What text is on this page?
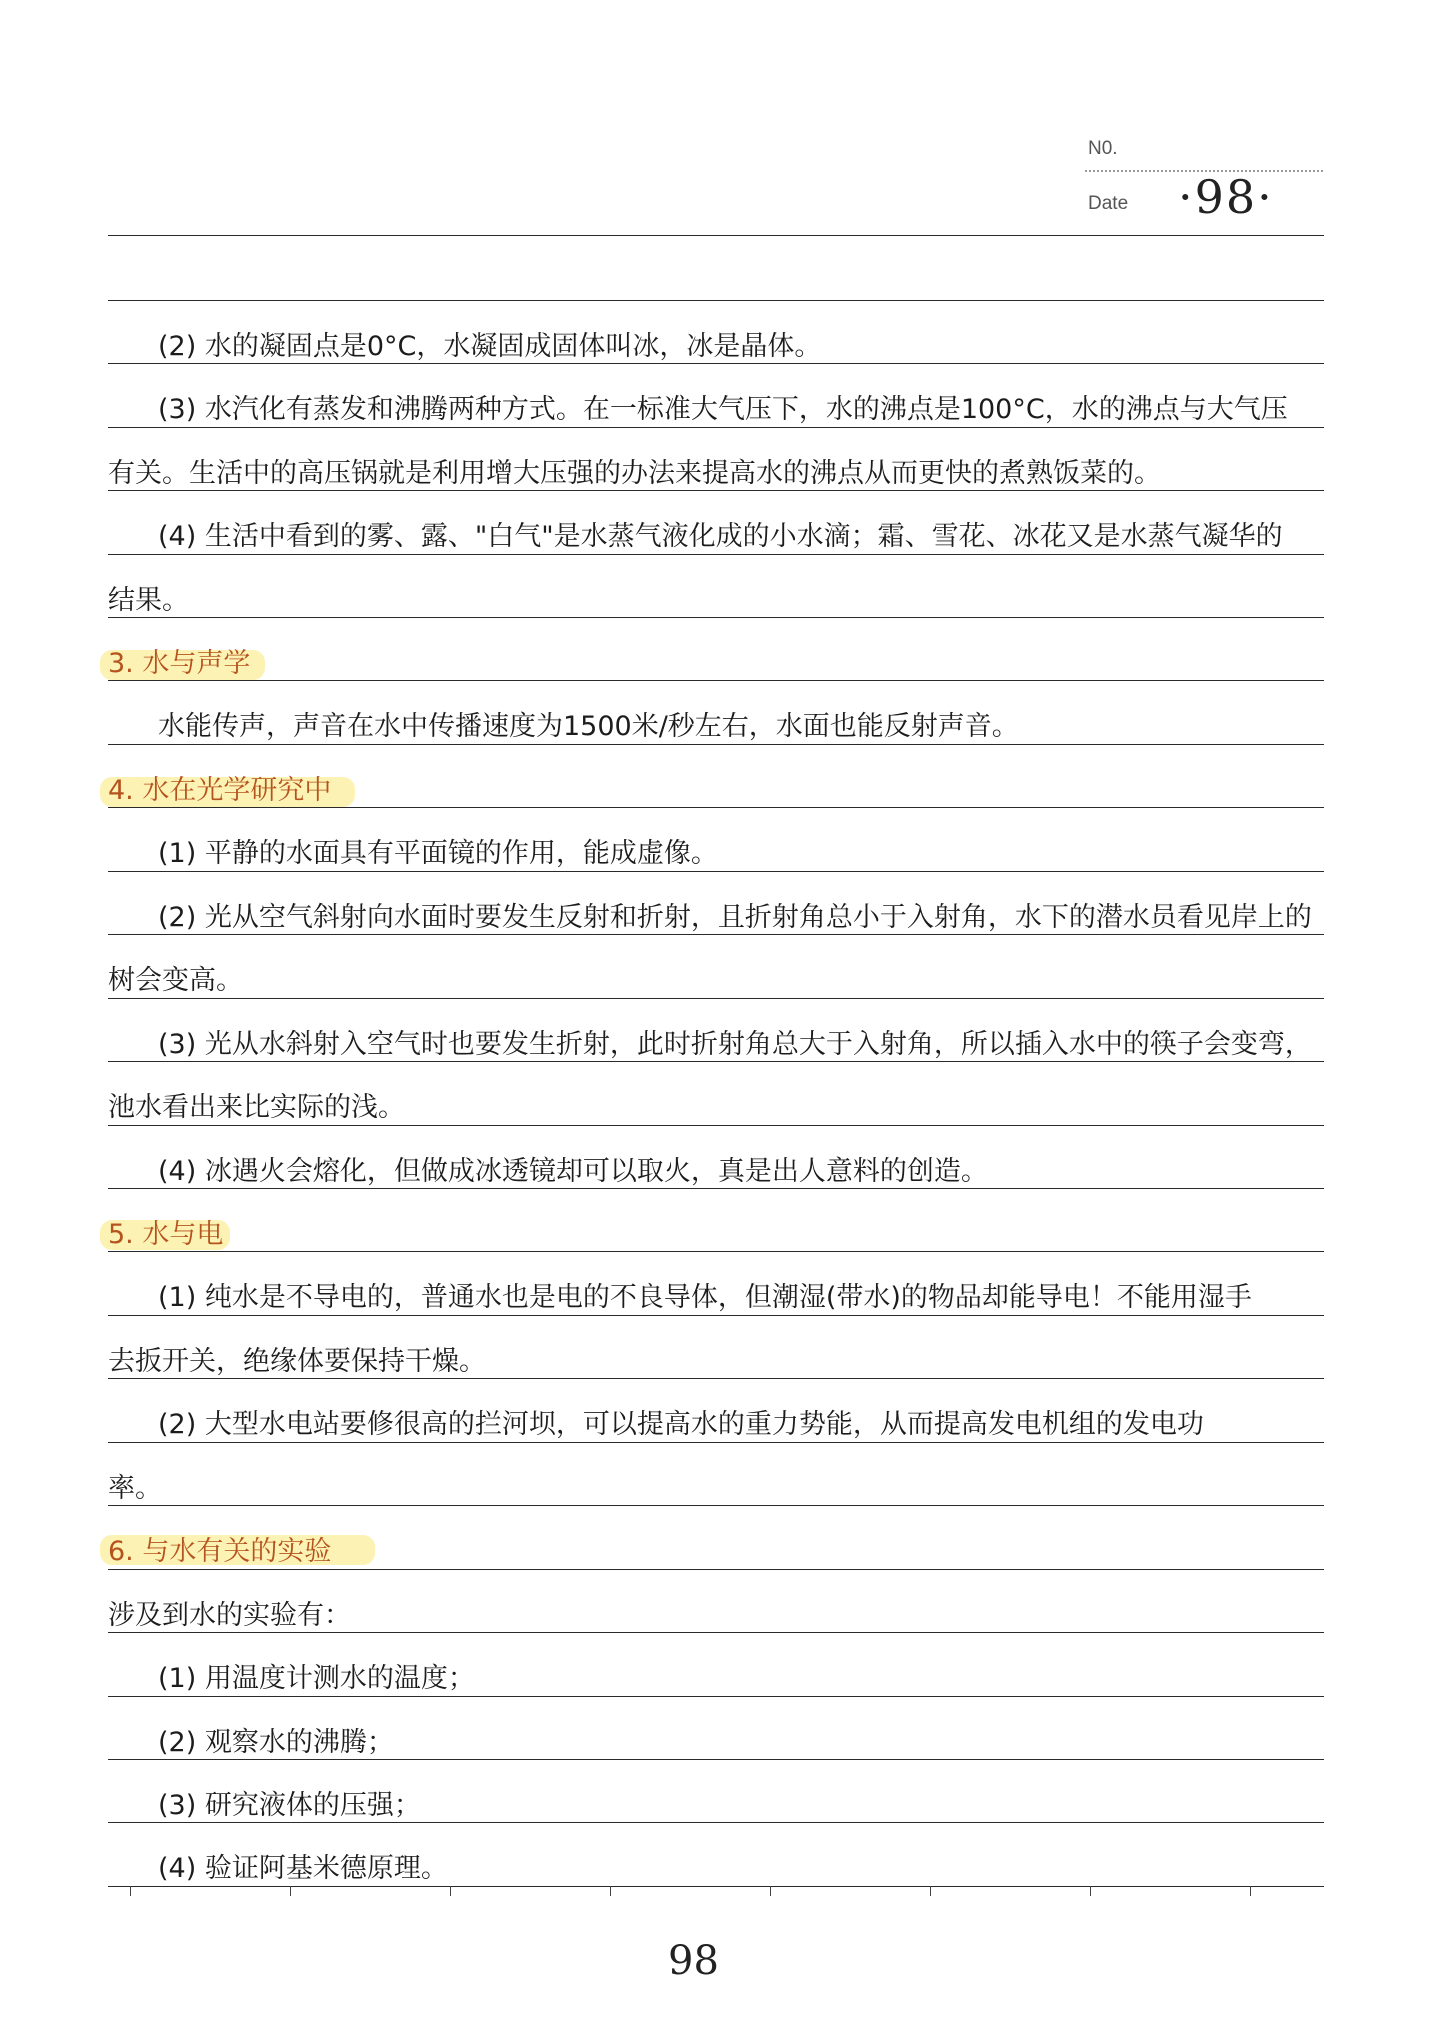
N0.
Date ·98·
(2) 水的凝固点是0°C，水凝固成固体叫冰，冰是晶体。
(3) 水汽化有蒸发和沸腾两种方式。在一标准大气压下，水的沸点是100°C，水的沸点与大气压
有关。生活中的高压锅就是利用增大压强的办法来提高水的沸点从而更快的煮熟饭菜的。
(4) 生活中看到的雾、露、"白气"是水蒸气液化成的小水滴；霜、雪花、冰花又是水蒸气凝华的
结果。
3. 水与声学
水能传声，声音在水中传播速度为1500米/秒左右，水面也能反射声音。
4. 水在光学研究中
(1) 平静的水面具有平面镜的作用，能成虚像。
(2) 光从空气斜射向水面时要发生反射和折射，且折射角总小于入射角，水下的潜水员看见岸上的
树会变高。
(3) 光从水斜射入空气时也要发生折射，此时折射角总大于入射角，所以插入水中的筷子会变弯，
池水看出来比实际的浅。
(4) 冰遇火会熔化，但做成冰透镜却可以取火，真是出人意料的创造。
5. 水与电
(1) 纯水是不导电的，普通水也是电的不良导体，但潮湿(带水)的物品却能导电！不能用湿手
去扳开关，绝缘体要保持干燥。
(2) 大型水电站要修很高的拦河坝，可以提高水的重力势能，从而提高发电机组的发电功
率。
6. 与水有关的实验
涉及到水的实验有：
(1) 用温度计测水的温度；
(2) 观察水的沸腾；
(3) 研究液体的压强；
(4) 验证阿基米德原理。
98
